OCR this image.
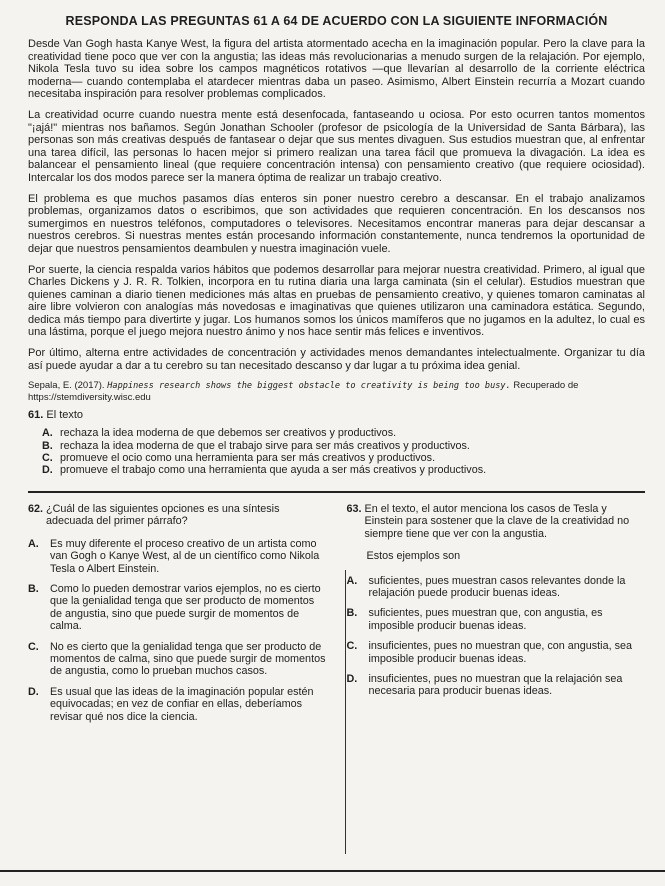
RESPONDA LAS PREGUNTAS 61 A 64 DE ACUERDO CON LA SIGUIENTE INFORMACIÓN

Desde Van Gogh hasta Kanye West, la figura del artista atormentado acecha en la imaginación popular. Pero la clave para la creatividad tiene poco que ver con la angustia; las ideas más revolucionarias a menudo surgen de la relajación. Por ejemplo, Nikola Tesla tuvo su idea sobre los campos magnéticos rotativos —que llevarían al desarrollo de la corriente eléctrica moderna— cuando contemplaba el atardecer mientras daba un paseo. Asimismo, Albert Einstein recurría a Mozart cuando necesitaba inspiración para resolver problemas complicados.

La creatividad ocurre cuando nuestra mente está desenfocada, fantaseando u ociosa. Por esto ocurren tantos momentos "¡ajá!" mientras nos bañamos. Según Jonathan Schooler (profesor de psicología de la Universidad de Santa Bárbara), las personas son más creativas después de fantasear o dejar que sus mentes divaguen. Sus estudios muestran que, al enfrentar una tarea difícil, las personas lo hacen mejor si primero realizan una tarea fácil que promueva la divagación. La idea es balancear el pensamiento lineal (que requiere concentración intensa) con pensamiento creativo (que requiere ociosidad). Intercalar los dos modos parece ser la manera óptima de realizar un trabajo creativo.

El problema es que muchos pasamos días enteros sin poner nuestro cerebro a descansar. En el trabajo analizamos problemas, organizamos datos o escribimos, que son actividades que requieren concentración. En los descansos nos sumergimos en nuestros teléfonos, computadores o televisores. Necesitamos encontrar maneras para dejar descansar a nuestros cerebros. Si nuestras mentes están procesando información constantemente, nunca tendremos la oportunidad de dejar que nuestros pensamientos deambulen y nuestra imaginación vuele.

Por suerte, la ciencia respalda varios hábitos que podemos desarrollar para mejorar nuestra creatividad. Primero, al igual que Charles Dickens y J. R. R. Tolkien, incorpora en tu rutina diaria una larga caminata (sin el celular). Estudios muestran que quienes caminan a diario tienen mediciones más altas en pruebas de pensamiento creativo, y quienes tomaron caminatas al aire libre volvieron con analogías más novedosas e imaginativas que quienes utilizaron una caminadora estática. Segundo, dedica más tiempo para divertirte y jugar. Los humanos somos los únicos mamíferos que no jugamos en la adultez, lo cual es una lástima, porque el juego mejora nuestro ánimo y nos hace sentir más felices e inventivos.

Por último, alterna entre actividades de concentración y actividades menos demandantes intelectualmente. Organizar tu día así puede ayudar a dar a tu cerebro su tan necesitado descanso y dar lugar a tu próxima idea genial.

Sepala, E. (2017). Happiness research shows the biggest obstacle to creativity is being too busy. Recuperado de https://stemdiversity.wisc.edu
61. El texto
A. rechaza la idea moderna de que debemos ser creativos y productivos.
B. rechaza la idea moderna de que el trabajo sirve para ser más creativos y productivos.
C. promueve el ocio como una herramienta para ser más creativos y productivos.
D. promueve el trabajo como una herramienta que ayuda a ser más creativos y productivos.
62. ¿Cuál de las siguientes opciones es una síntesis adecuada del primer párrafo?
A.	Es muy diferente el proceso creativo de un artista como van Gogh o Kanye West, al de un científico como Nikola Tesla o Albert Einstein.
B.	Como lo pueden demostrar varios ejemplos, no es cierto que la genialidad tenga que ser producto de momentos de angustia, sino que puede surgir de momentos de calma.
C.	No es cierto que la genialidad tenga que ser producto de momentos de calma, sino que puede surgir de momentos de angustia, como lo prueban muchos casos.
D.	Es usual que las ideas de la imaginación popular estén equivocadas; en vez de confiar en ellas, deberíamos revisar qué nos dice la ciencia.
63. En el texto, el autor menciona los casos de Tesla y Einstein para sostener que la clave de la creatividad no siempre tiene que ver con la angustia.
Estos ejemplos son
A.	suficientes, pues muestran casos relevantes donde la relajación puede producir buenas ideas.
B.	suficientes, pues muestran que, con angustia, es imposible producir buenas ideas.
C.	insuficientes, pues no muestran que, con angustia, sea imposible producir buenas ideas.
D.	insuficientes, pues no muestran que la relajación sea necesaria para producir buenas ideas.
